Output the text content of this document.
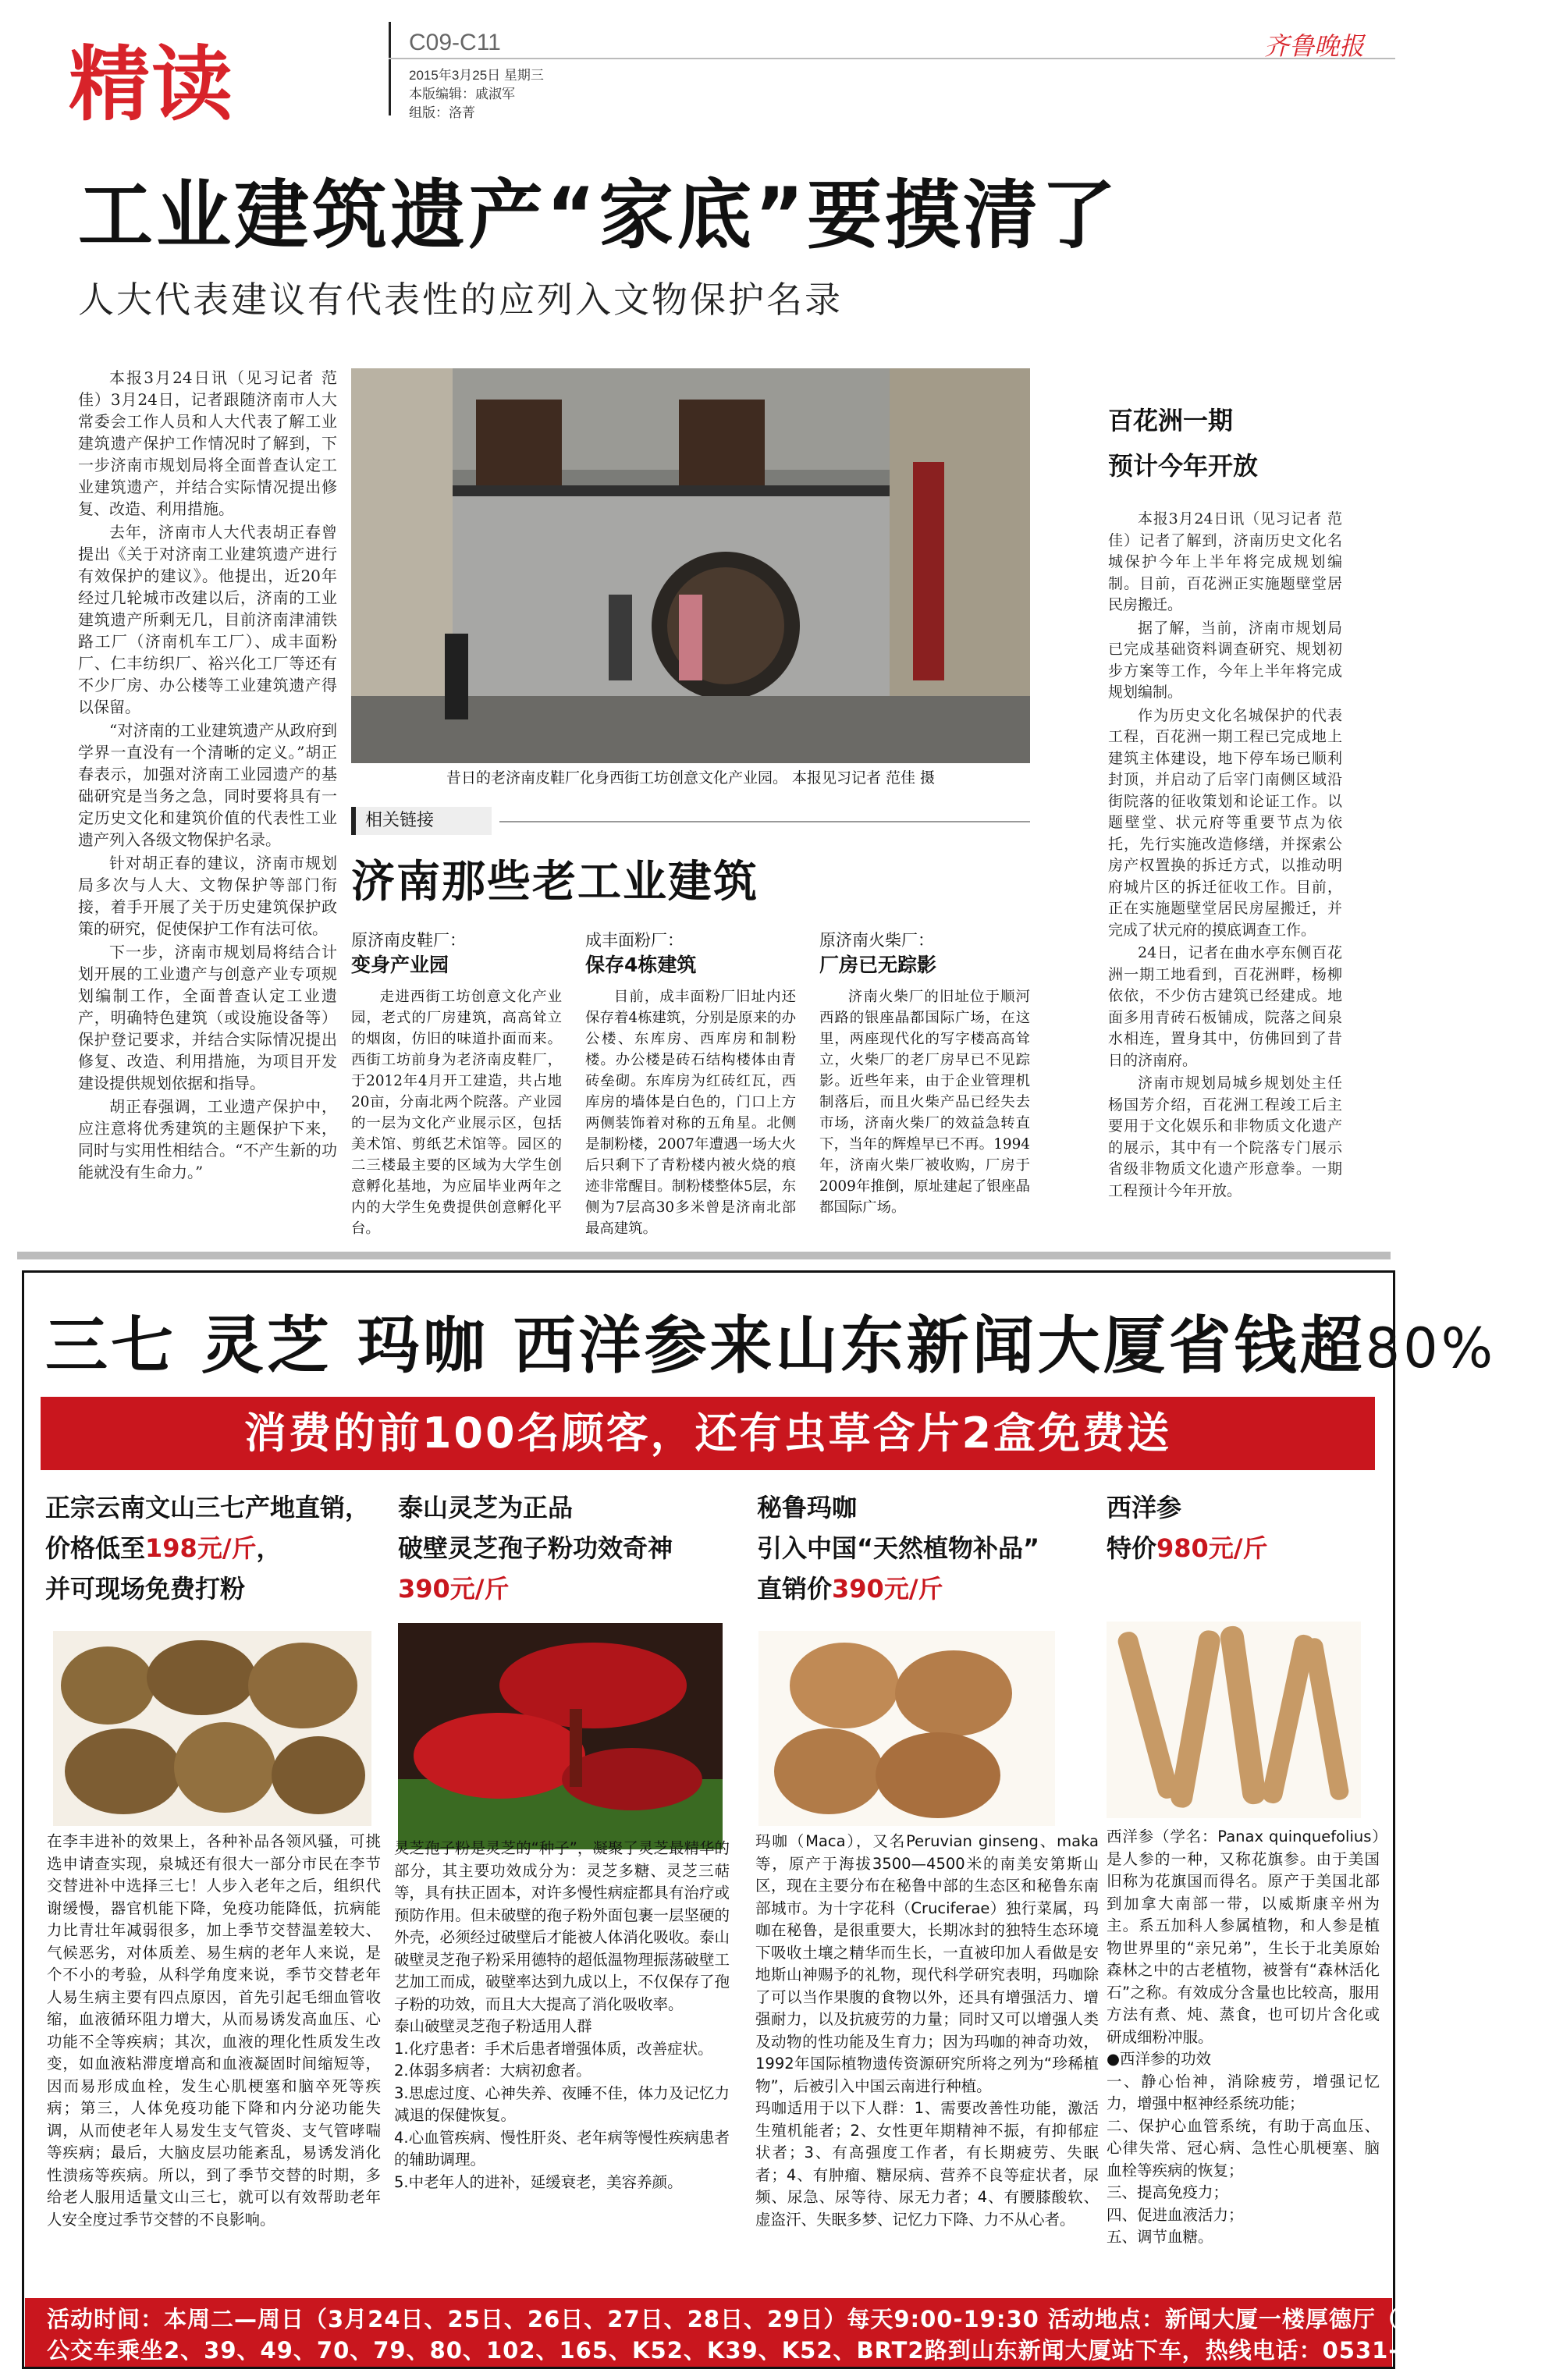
精读	C09-C11
2015年3月25日 星期三
本版编辑：戚淑军
组版：洛菁
齐鲁晚报
工业建筑遗产“家底”要摸清了
人大代表建议有代表性的应列入文物保护名录

本报3月24日讯（见习记者 范佳）3月24日，记者跟随济南市人大常委会工作人员和人大代表了解工业建筑遗产保护工作情况时了解到，下一步济南市规划局将全面普查认定工业建筑遗产，并结合实际情况提出修复、改造、利用措施。

去年，济南市人大代表胡正春曾提出《关于对济南工业建筑遗产进行有效保护的建议》。他提出，近20年经过几轮城市改建以后，济南的工业建筑遗产所剩无几，目前济南津浦铁路工厂（济南机车工厂）、成丰面粉厂、仁丰纺织厂、裕兴化工厂等还有不少厂房、办公楼等工业建筑遗产得以保留。

“对济南的工业建筑遗产从政府到学界一直没有一个清晰的定义。”胡正春表示，加强对济南工业园遗产的基础研究是当务之急，同时要将具有一定历史文化和建筑价值的代表性工业遗产列入各级文物保护名录。

针对胡正春的建议，济南市规划局多次与人大、文物保护等部门衔接，着手开展了关于历史建筑保护政策的研究，促使保护工作有法可依。

下一步，济南市规划局将结合计划开展的工业遗产与创意产业专项规划编制工作，全面普查认定工业遗产，明确特色建筑（或设施设备等）保护登记要求，并结合实际情况提出修复、改造、利用措施，为项目开发建设提供规划依据和指导。

胡正春强调，工业遗产保护中，应注意将优秀建筑的主题保护下来，同时与实用性相结合。“不产生新的功能就没有生命力。”

昔日的老济南皮鞋厂化身西街工坊创意文化产业园。 本报见习记者 范佳 摄
相关链接
济南那些老工业建筑
原济南皮鞋厂：
变身产业园
走进西街工坊创意文化产业园，老式的厂房建筑，高高耸立的烟囱，仿旧的味道扑面而来。西街工坊前身为老济南皮鞋厂，于2012年4月开工建造，共占地20亩，分南北两个院落。产业园的一层为文化产业展示区，包括美术馆、剪纸艺术馆等。园区的二三楼最主要的区域为大学生创意孵化基地，为应届毕业两年之内的大学生免费提供创意孵化平台。
成丰面粉厂：
保存4栋建筑
目前，成丰面粉厂旧址内还保存着4栋建筑，分别是原来的办公楼、东库房、西库房和制粉楼。办公楼是砖石结构楼体由青砖垒砌。东库房为红砖红瓦，西库房的墙体是白色的，门口上方两侧装饰着对称的五角星。北侧是制粉楼，2007年遭遇一场大火后只剩下了青粉楼内被火烧的痕迹非常醒目。制粉楼整体5层，东侧为7层高30多米曾是济南北部最高建筑。
原济南火柴厂：
厂房已无踪影
济南火柴厂的旧址位于顺河西路的银座晶都国际广场，在这里，两座现代化的写字楼高高耸立，火柴厂的老厂房早已不见踪影。近些年来，由于企业管理机制落后，而且火柴产品已经失去市场，济南火柴厂的效益急转直下，当年的辉煌早已不再。1994年，济南火柴厂被收购，厂房于2009年推倒，原址建起了银座晶都国际广场。
百花洲一期
预计今年开放

本报3月24日讯（见习记者 范佳）记者了解到，济南历史文化名城保护今年上半年将完成规划编制。目前，百花洲正实施题壁堂居民房搬迁。

据了解，当前，济南市规划局已完成基础资料调查研究、规划初步方案等工作，今年上半年将完成规划编制。

作为历史文化名城保护的代表工程，百花洲一期工程已完成地上建筑主体建设，地下停车场已顺利封顶，并启动了后宰门南侧区域沿街院落的征收策划和论证工作。以题壁堂、状元府等重要节点为依托，先行实施改造修缮，并探索公房产权置换的拆迁方式，以推动明府城片区的拆迁征收工作。目前，正在实施题壁堂居民房屋搬迁，并完成了状元府的摸底调查工作。

24日，记者在曲水亭东侧百花洲一期工地看到，百花洲畔，杨柳依依，不少仿古建筑已经建成。地面多用青砖石板铺成，院落之间泉水相连，置身其中，仿佛回到了昔日的济南府。

济南市规划局城乡规划处主任杨国芳介绍，百花洲工程竣工后主要用于文化娱乐和非物质文化遗产的展示，其中有一个院落专门展示省级非物质文化遗产形意拳。一期工程预计今年开放。

三七 灵芝 玛咖 西洋参来山东新闻大厦省钱超80%
消费的前100名顾客，还有虫草含片2盒免费送
正宗云南文山三七产地直销，
价格低至198元/斤，
并可现场免费打粉
在李丰进补的效果上，各种补品各领风骚，可挑选申请查实现，泉城还有很大一部分市民在李节交替进补中选择三七！人步入老年之后，组织代谢缓慢，器官机能下降，免疫功能降低，抗病能力比青壮年减弱很多，加上季节交替温差较大、气候恶劣，对体质差、易生病的老年人来说，是个不小的考验，从科学角度来说，季节交替老年人易生病主要有四点原因，首先引起毛细血管收缩，血液循环阻力增大，从而易诱发高血压、心功能不全等疾病；其次，血液的理化性质发生改变，如血液粘滞度增高和血液凝固时间缩短等，因而易形成血栓，发生心肌梗塞和脑卒死等疾病；第三，人体免疫功能下降和内分泌功能失调，从而使老年人易发生支气管炎、支气管哮喘等疾病；最后，大脑皮层功能紊乱，易诱发消化性溃疡等疾病。所以，到了季节交替的时期，多给老人服用适量文山三七，就可以有效帮助老年人安全度过季节交替的不良影响。
泰山灵芝为正品
破壁灵芝孢子粉功效奇神
390元/斤
灵芝孢子粉是灵芝的“种子”，凝聚了灵芝最精华的部分，其主要功效成分为：灵芝多糖、灵芝三萜等，具有扶正固本，对许多慢性病症都具有治疗或预防作用。但未破壁的孢子粉外面包裹一层坚硬的外壳，必须经过破壁后才能被人体消化吸收。泰山破壁灵芝孢子粉采用德特的超低温物理振荡破壁工艺加工而成，破壁率达到九成以上，不仅保存了孢子粉的功效，而且大大提高了消化吸收率。
泰山破壁灵芝孢子粉适用人群
1.化疗患者：手术后患者增强体质，改善症状。
2.体弱多病者：大病初愈者。
3.思虑过度、心神失养、夜睡不佳，体力及记忆力减退的保健恢复。
4.心血管疾病、慢性肝炎、老年病等慢性疾病患者的辅助调理。
5.中老年人的进补，延缓衰老，美容养颜。
秘鲁玛咖
引入中国“天然植物补品”
直销价390元/斤
玛咖（Maca），又名Peruvian ginseng、maka等，原产于海拔3500—4500米的南美安第斯山区，现在主要分布在秘鲁中部的生态区和秘鲁东南部城市。为十字花科（Cruciferae）独行菜属，玛咖在秘鲁，是很重要大，长期冰封的独特生态环境下吸收土壤之精华而生长，一直被印加人看做是安地斯山神赐予的礼物，现代科学研究表明，玛咖除了可以当作果腹的食物以外，还具有增强活力、增强耐力，以及抗疲劳的力量；同时又可以增强人类及动物的性功能及生育力；因为玛咖的神奇功效，1992年国际植物遗传资源研究所将之列为“珍稀植物”，后被引入中国云南进行种植。
玛咖适用于以下人群：1、需要改善性功能，激活生殖机能者；2、女性更年期精神不振，有抑郁症状者；3、有高强度工作者，有长期疲劳、失眠者；4、有肿瘤、糖尿病、营养不良等症状者，尿频、尿急、尿等待、尿无力者；4、有腰膝酸软、虚盗汗、失眠多梦、记忆力下降、力不从心者。
西洋参
特价980元/斤
西洋参（学名：Panax quinquefolius）是人参的一种，又称花旗参。由于美国旧称为花旗国而得名。原产于美国北部到加拿大南部一带，以威斯康辛州为主。系五加科人参属植物，和人参是植物世界里的“亲兄弟”，生长于北美原始森林之中的古老植物，被誉有“森林活化石”之称。有效成分含量也比较高，服用方法有煮、炖、蒸食，也可切片含化或研成细粉冲服。
●西洋参的功效
一、静心怡神，消除疲劳，增强记忆力，增强中枢神经系统功能；
二、保护心血管系统，有助于高血压、心律失常、冠心病、急性心肌梗塞、脑血栓等疾病的恢复；
三、提高免疫力；
四、促进血液活力；
五、调节血糖。
活动时间：本周二—周日（3月24日、25日、26日、27日、28日、29日）每天9:00-19:30 活动地点：新闻大厦一楼厚德厅（泺源大街6号）
公交车乘坐2、39、49、70、79、80、102、165、K52、K39、K52、BRT2路到山东新闻大厦站下车，热线电话：0531-89288055
